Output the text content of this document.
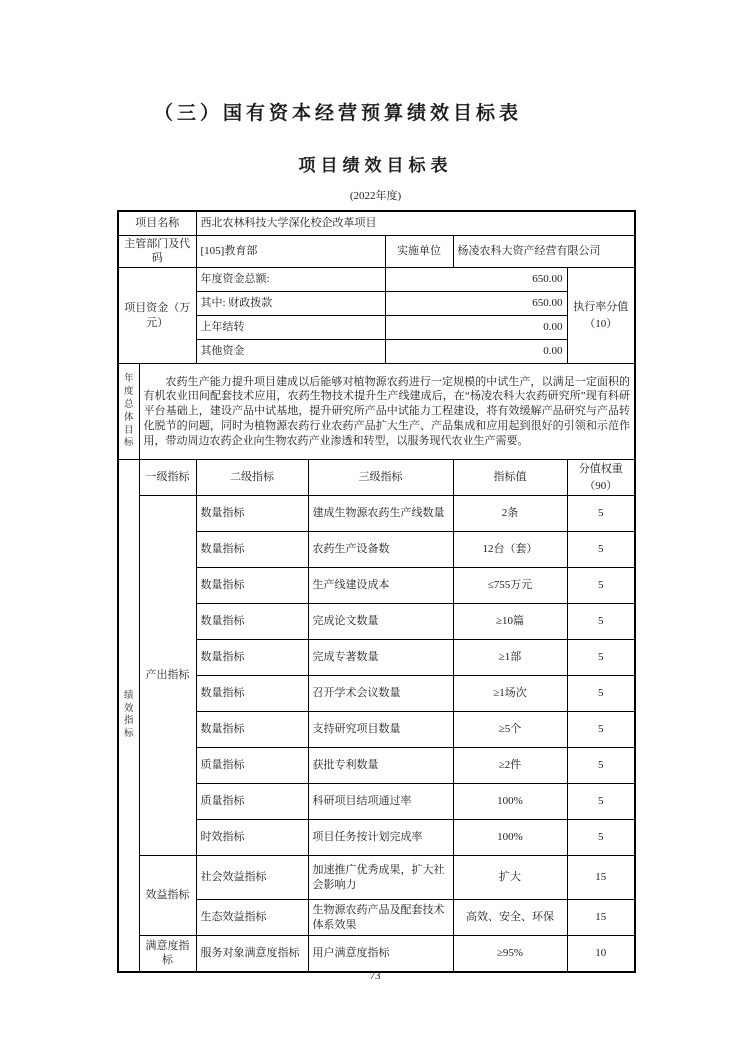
（三）国有资本经营预算绩效目标表
项目绩效目标表
(2022年度)
项目名称		西北农林科技大学深化校企改革项目				
主管部门及代码		[105]教育部		实施单位	杨凌农科大资产经营有限公司	
项目资金（万元）		年度资金总额:		650.00		执行率分值
（10）

		其中: 财政拨款		650.00		
		上年结转		0.00		
		其他资金		0.00		
年度总体目标	农药生产能力提升项目建成以后能够对植物源农药进行一定规模的中试生产，以满足一定面积的有机农业田间配套技术应用，农药生物技术提升生产线建成后，在“杨凌农科大农药研究所”现有科研平台基础上，建设产品中试基地，提升研究所产品中试能力工程建设，将有效缓解产品研究与产品转化脱节的问题，同时为植物源农药行业农药产品扩大生产、产品集成和应用起到很好的引领和示范作用，带动周边农药企业向生物农药产业渗透和转型，以服务现代农业生产需要。					

绩效指标	一级指标	二级指标	三级指标		指标值	分值权重
（90）

	产出指标	数量指标	建成生物源农药生产线数量		2条	5
		数量指标	农药生产设备数		12台（套）	5
		数量指标	生产线建设成本		≤755万元	5
		数量指标	完成论文数量		≥10篇	5
		数量指标	完成专著数量		≥1部	5
		数量指标	召开学术会议数量		≥1场次	5
		数量指标	支持研究项目数量		≥5个	5
		质量指标	获批专利数量		≥2件	5
		质量指标	科研项目结项通过率		100%	5
		时效指标	项目任务按计划完成率		100%	5
	效益指标	社会效益指标	加速推广优秀成果，扩大社会影响力		扩大	15
		生态效益指标	生物源农药产品及配套技术体系效果		高效、安全、环保	15
	满意度指标	服务对象满意度指标	用户满意度指标		≥95%	10
73
